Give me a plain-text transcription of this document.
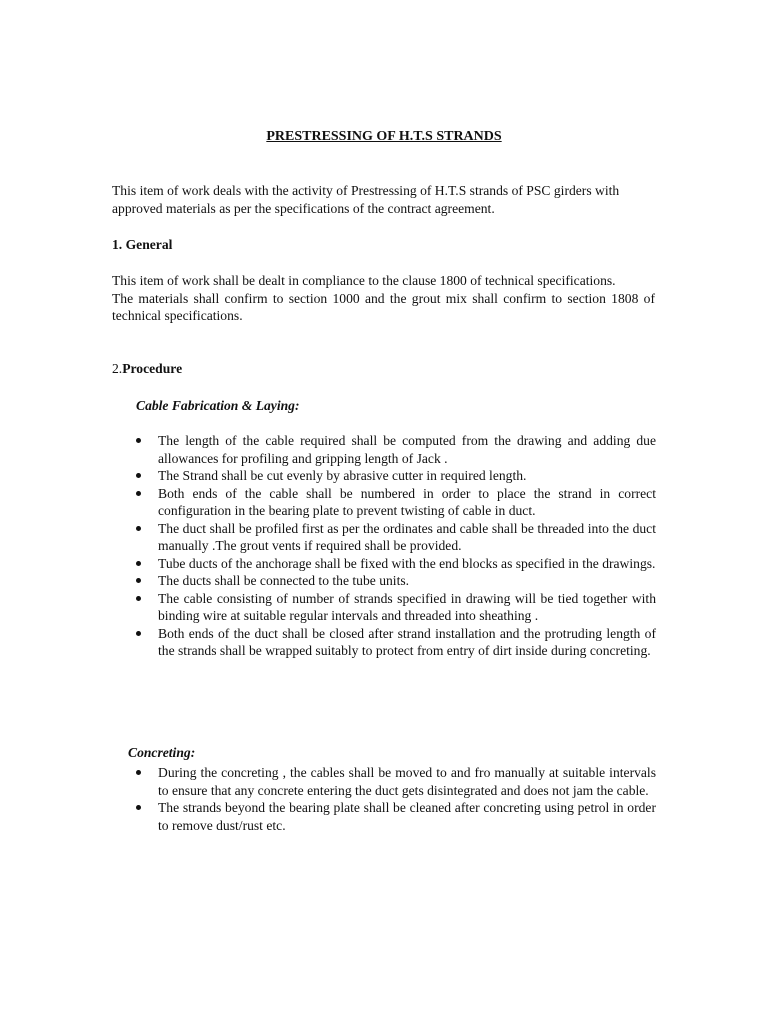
PRESTRESSING OF H.T.S STRANDS

This item of work deals with the activity of Prestressing of H.T.S strands of PSC girders with approved materials as per the specifications of the contract agreement.

1. General

This item of work shall be dealt in compliance to the clause 1800 of technical specifications.
The materials shall confirm to section 1000 and the grout mix shall confirm to section 1808 of technical specifications.

2.Procedure
Cable Fabrication & Laying:
The length of the cable required shall be computed from the drawing and adding due allowances for profiling and gripping length of Jack .
The Strand shall be cut evenly by abrasive cutter in required length.
Both ends of the cable shall be numbered in order to place the strand in correct configuration in the bearing plate to prevent twisting of cable in duct.
The duct shall be profiled first as per the ordinates and cable shall be threaded into the duct manually .The grout vents if required shall be provided.
Tube ducts of the anchorage shall be fixed with the end blocks as specified in the drawings.
The ducts shall be connected to the tube units.
The cable consisting of number of strands specified in drawing will be tied together with binding wire at suitable regular intervals and threaded into sheathing .
Both ends of the duct shall be closed after strand installation and the protruding length of the strands shall be wrapped suitably to protect from entry of dirt inside during concreting.
Concreting:
During the concreting , the cables shall be moved to and fro manually at suitable intervals to ensure that any concrete entering the duct gets disintegrated and does not jam the cable.
The strands beyond the bearing plate shall be cleaned after concreting using petrol in order to remove dust/rust etc.
